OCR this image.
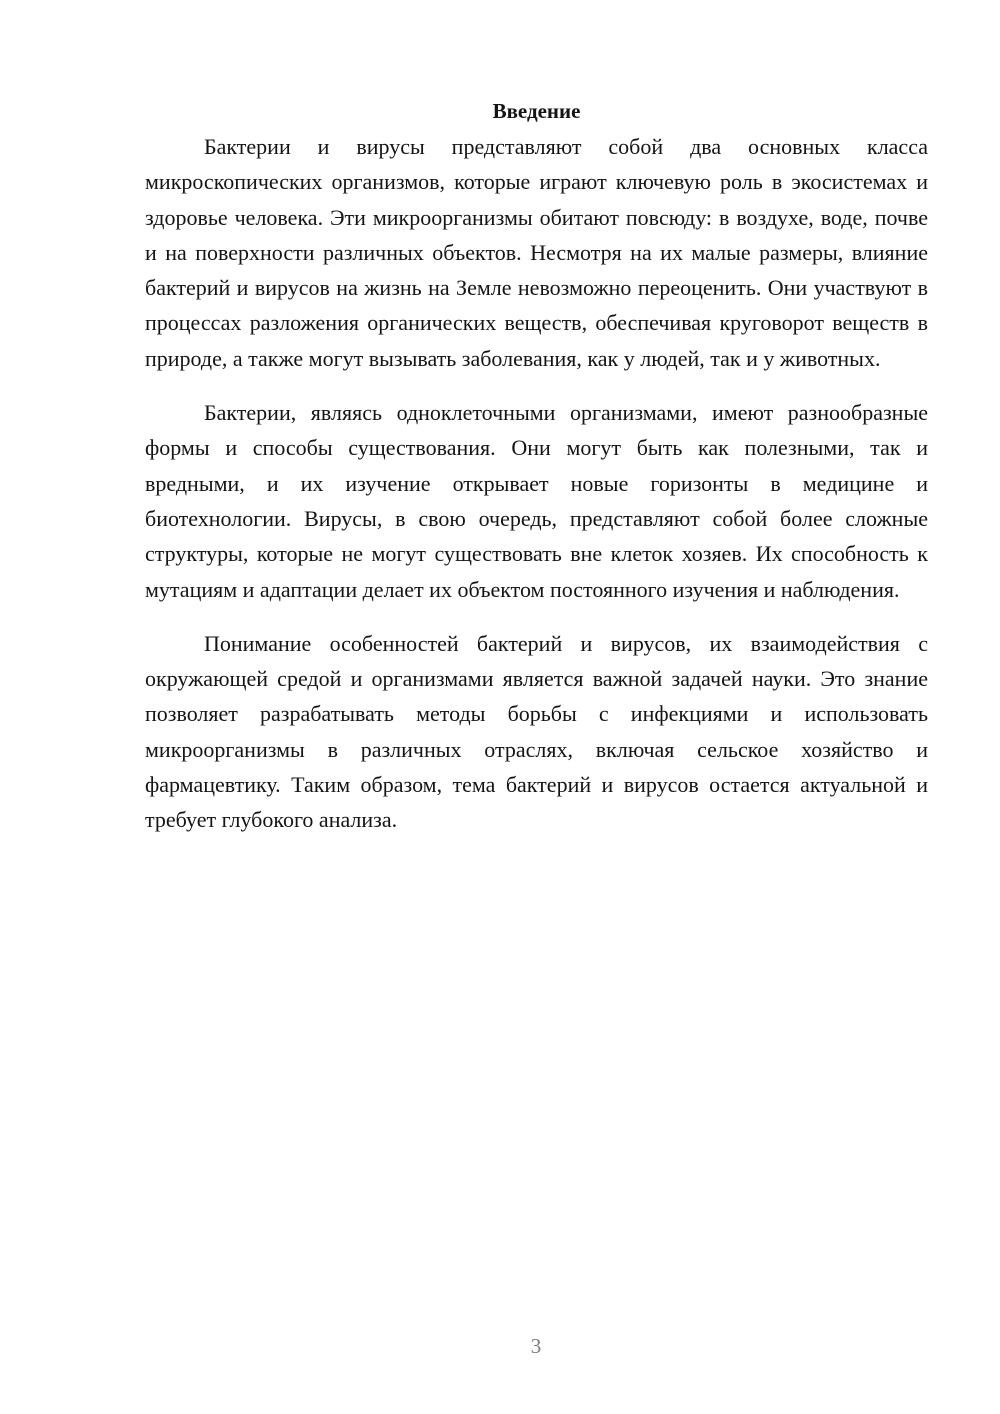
Введение

Бактерии и вирусы представляют собой два основных класса микроскопических организмов, которые играют ключевую роль в экосистемах и здоровье человека. Эти микроорганизмы обитают повсюду: в воздухе, воде, почве и на поверхности различных объектов. Несмотря на их малые размеры, влияние бактерий и вирусов на жизнь на Земле невозможно переоценить. Они участвуют в процессах разложения органических веществ, обеспечивая круговорот веществ в природе, а также могут вызывать заболевания, как у людей, так и у животных.

Бактерии, являясь одноклеточными организмами, имеют разнообразные формы и способы существования. Они могут быть как полезными, так и вредными, и их изучение открывает новые горизонты в медицине и биотехнологии. Вирусы, в свою очередь, представляют собой более сложные структуры, которые не могут существовать вне клеток хозяев. Их способность к мутациям и адаптации делает их объектом постоянного изучения и наблюдения.

Понимание особенностей бактерий и вирусов, их взаимодействия с окружающей средой и организмами является важной задачей науки. Это знание позволяет разрабатывать методы борьбы с инфекциями и использовать микроорганизмы в различных отраслях, включая сельское хозяйство и фармацевтику. Таким образом, тема бактерий и вирусов остается актуальной и требует глубокого анализа.

3
